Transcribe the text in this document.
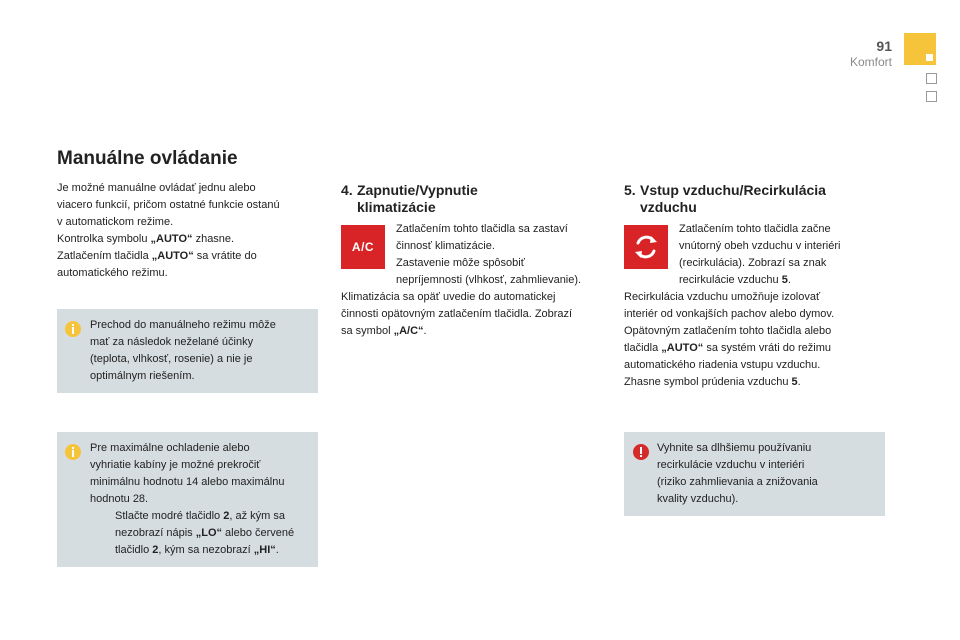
91
Komfort
Manuálne ovládanie
Je možné manuálne ovládať jednu alebo
viacero funkcií, pričom ostatné funkcie ostanú
v automatickom režime.
Kontrolka symbolu „AUTO“ zhasne.
Zatlačením tlačidla „AUTO“ sa vrátite do
automatického režimu.
Prechod do manuálneho režimu môže
mať za následok neželané účinky
(teplota, vlhkosť, rosenie) a nie je
optimálnym riešením.
Pre maximálne ochladenie alebo
vyhriatie kabíny je možné prekročiť
minimálnu hodnotu 14 alebo maximálnu
hodnotu 28.
Stlačte modré tlačidlo 2, až kým sa
nezobrazí nápis „LO“ alebo červené
tlačidlo 2, kým sa nezobrazí „HI“.
4. Zapnutie/Vypnutie
klimatizácie
A/C
Zatlačením tohto tlačidla sa zastaví
činnosť klimatizácie.
Zastavenie môže spôsobiť
nepríjemnosti (vlhkosť, zahmlievanie).
Klimatizácia sa opäť uvedie do automatickej
činnosti opätovným zatlačením tlačidla. Zobrazí
sa symbol „A/C“.
5. Vstup vzduchu/Recirkulácia
vzduchu
Zatlačením tohto tlačidla začne
vnútorný obeh vzduchu v interiéri
(recirkulácia). Zobrazí sa znak
recirkulácie vzduchu 5.
Recirkulácia vzduchu umožňuje izolovať
interiér od vonkajších pachov alebo dymov.
Opätovným zatlačením tohto tlačidla alebo
tlačidla „AUTO“ sa systém vráti do režimu
automatického riadenia vstupu vzduchu.
Zhasne symbol prúdenia vzduchu 5.
Vyhnite sa dlhšiemu používaniu
recirkulácie vzduchu v interiéri
(riziko zahmlievania a znižovania
kvality vzduchu).
